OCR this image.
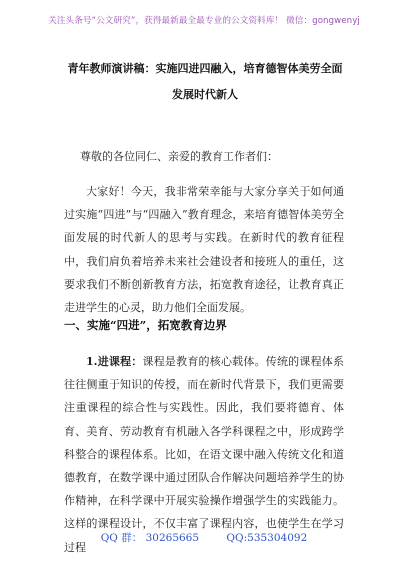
关注头条号“公文研究”，获得最新最全最专业的公文资料库！ 微信：gongwenyj
青年教师演讲稿：实施四进四融入，培育德智体美劳全面
发展时代新人
尊敬的各位同仁、亲爱的教育工作者们：
大家好！今天，我非常荣幸能与大家分享关于如何通过实施“四进”与“四融入”教育理念，来培育德智体美劳全面发展的时代新人的思考与实践。在新时代的教育征程中，我们肩负着培养未来社会建设者和接班人的重任，这要求我们不断创新教育方法，拓宽教育途径，让教育真正走进学生的心灵，助力他们全面发展。
一、实施“四进”，拓宽教育边界
1.进课程：课程是教育的核心载体。传统的课程体系往往侧重于知识的传授，而在新时代背景下，我们更需要注重课程的综合性与实践性。因此，我们要将德育、体育、美育、劳动教育有机融入各学科课程之中，形成跨学科整合的课程体系。比如，在语文课中融入传统文化和道德教育，在数学课中通过团队合作解决问题培养学生的协作精神，在科学课中开展实验操作增强学生的实践能力。这样的课程设计，不仅丰富了课程内容，也使学生在学习过程
QQ 群： 30265665	QQ:535304092
